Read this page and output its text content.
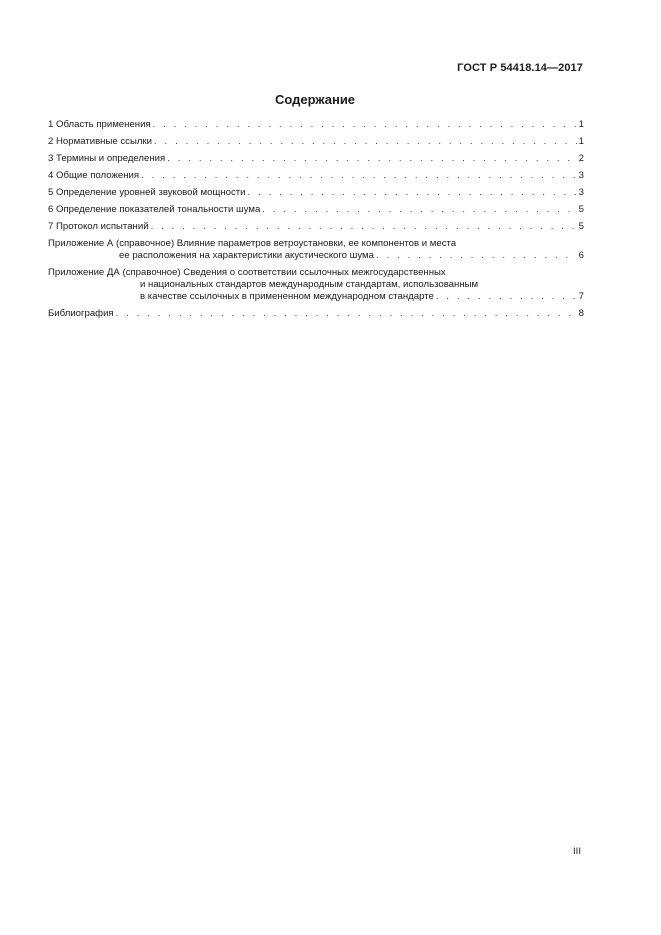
ГОСТ Р 54418.14—2017
Содержание
1 Область применения . . .	1
2 Нормативные ссылки . . .	1
3 Термины и определения . . .	2
4 Общие положения . . .	3
5 Определение уровней звуковой мощности . . .	3
6 Определение показателей тональности шума . . .	5
7 Протокол испытаний . . .	5
Приложение А (справочное) Влияние параметров ветроустановки, ее компонентов и места
ее расположения на характеристики акустического шума . . .	6
Приложение ДА (справочное) Сведения о соответствии ссылочных межгосударственных
и национальных стандартов международным стандартам, использованным
в качестве ссылочных в примененном международном стандарте . . .	7
Библиография . . .	8
III
